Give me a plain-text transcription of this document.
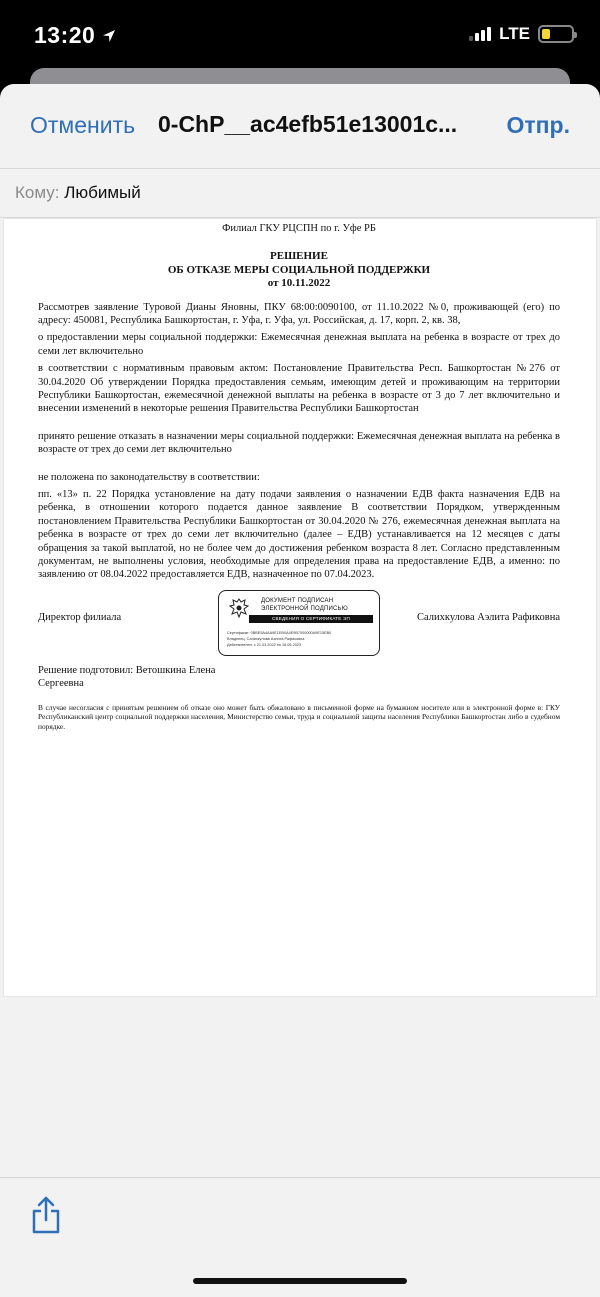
13:20	LTE
Отменить 0-ChP__ac4efb51e13001c...	Отпр.
Кому: Любимый
Филиал ГКУ РЦСПН по г. Уфе РБ
РЕШЕНИЕ
ОБ ОТКАЗЕ МЕРЫ СОЦИАЛЬНОЙ ПОДДЕРЖКИ
от 10.11.2022

Рассмотрев заявление Туровой Дианы Яновны, ПКУ 68:00:0090100, от 11.10.2022 №0, проживающей (его) по адресу: 450081, Республика Башкортостан, г. Уфа, г. Уфа, ул. Российская, д. 17, корп. 2, кв. 38,

о предоставлении меры социальной поддержки: Ежемесячная денежная выплата на ребенка в возрасте от трех до семи лет включительно

в соответствии с нормативным правовым актом: Постановление Правительства Респ. Башкортостан №276 от 30.04.2020 Об утверждении Порядка предоставления семьям, имеющим детей и проживающим на территории Республики Башкортостан, ежемесячной денежной выплаты на ребенка в возрасте от 3 до 7 лет включительно и внесении изменений в некоторые решения Правительства Республики Башкортостан

принято решение отказать в назначении меры социальной поддержки: Ежемесячная денежная выплата на ребенка в возрасте от трех до семи лет включительно

не положена по законодательству в соответствии:

пп. «13» п. 22 Порядка установление на дату подачи заявления о назначении ЕДВ факта назначения ЕДВ на ребенка, в отношении которого подается данное заявление В соответствии Порядком, утвержденным постановлением Правительства Республики Башкортостан от 30.04.2020 № 276, ежемесячная денежная выплата на ребенка в возрасте от трех до семи лет включительно (далее – ЕДВ) устанавливается на 12 месяцев с даты обращения за такой выплатой, но не более чем до достижения ребенком возраста 8 лет. Согласно представленным документам, не выполнены условия, необходимые для определения права на предоставление ЕДВ, а именно: по заявлению от 08.04.2022 предоставляется ЕДВ, назначенное по 07.04.2023.

Директор филиала
ДОКУМЕНТ ПОДПИСАН
ЭЛЕКТРОННОЙ ПОДПИСЬЮ
СВЕДЕНИЯ О СЕРТИФИКАТЕ ЭП
Сертификат: 0ВВЕ5А4АА9Е1ЕВ0А4Е9В7000000А9Е15ЕВ0
Владелец: Салихкулова Аэлита Рафиковна
Действителен: с 21.03.2022 по 16.06.2023
Салихкулова Аэлита Рафиковна
Решение подготовил: Ветошкина Елена
Сергеевна

В случае несогласия с принятым решением об отказе оно может быть обжаловано в письменной форме на бумажном носителе или в электронной форме в: ГКУ Республиканский центр социальной поддержки населения, Министерство семьи, труда и социальной защиты населения Республики Башкортостан либо в судебном порядке.
